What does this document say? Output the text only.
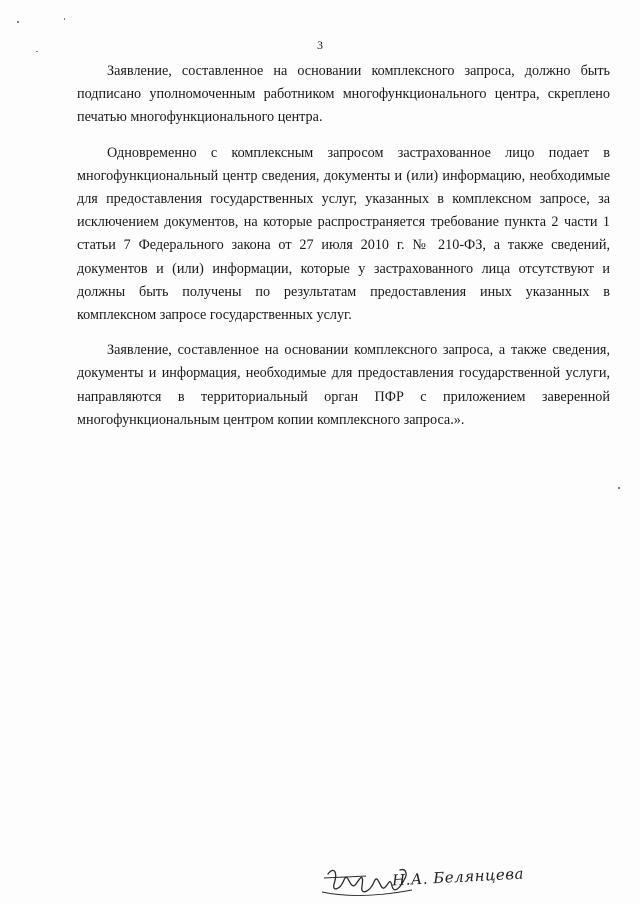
3

Заявление, составленное на основании комплексного запроса, должно быть подписано уполномоченным работником многофункционального центра, скреплено печатью многофункционального центра.

Одновременно с комплексным запросом застрахованное лицо подает в многофункциональный центр сведения, документы и (или) информацию, необходимые для предоставления государственных услуг, указанных в комплексном запросе, за исключением документов, на которые распространяется требование пункта 2 части 1 статьи 7 Федерального закона от 27 июля 2010 г. № 210-ФЗ, а также сведений, документов и (или) информации, которые у застрахованного лица отсутствуют и должны быть получены по результатам предоставления иных указанных в комплексном запросе государственных услуг.

Заявление, составленное на основании комплексного запроса, а также сведения, документы и информация, необходимые для предоставления государственной услуги, направляются в территориальный орган ПФР с приложением заверенной многофункциональным центром копии комплексного запроса.».

Н.А. Белянцева
